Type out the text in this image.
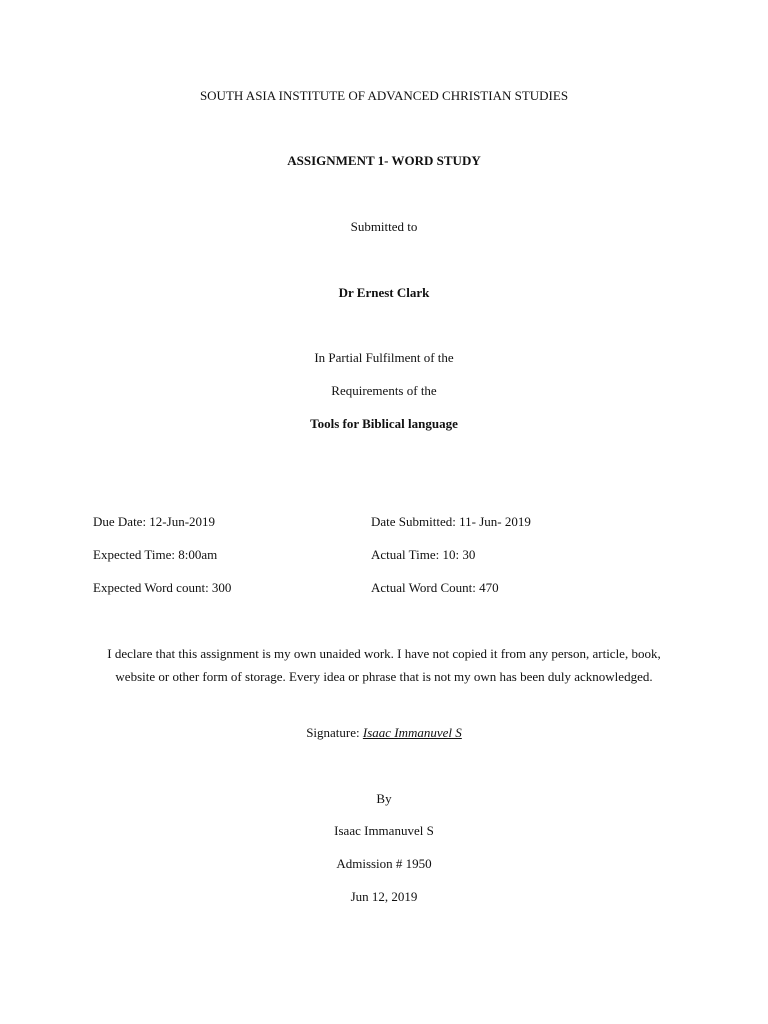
SOUTH ASIA INSTITUTE OF ADVANCED CHRISTIAN STUDIES
ASSIGNMENT 1- WORD STUDY
Submitted to
Dr Ernest Clark
In Partial Fulfilment of the
Requirements of the
Tools for Biblical language
Due Date: 12-Jun-2019	Date Submitted: 11- Jun- 2019
Expected Time: 8:00am	Actual Time: 10: 30
Expected Word count: 300	Actual Word Count: 470
I declare that this assignment is my own unaided work. I have not copied it from any person, article, book, website or other form of storage. Every idea or phrase that is not my own has been duly acknowledged.
Signature: Isaac Immanuvel S
By
Isaac Immanuvel S
Admission # 1950
Jun 12, 2019
